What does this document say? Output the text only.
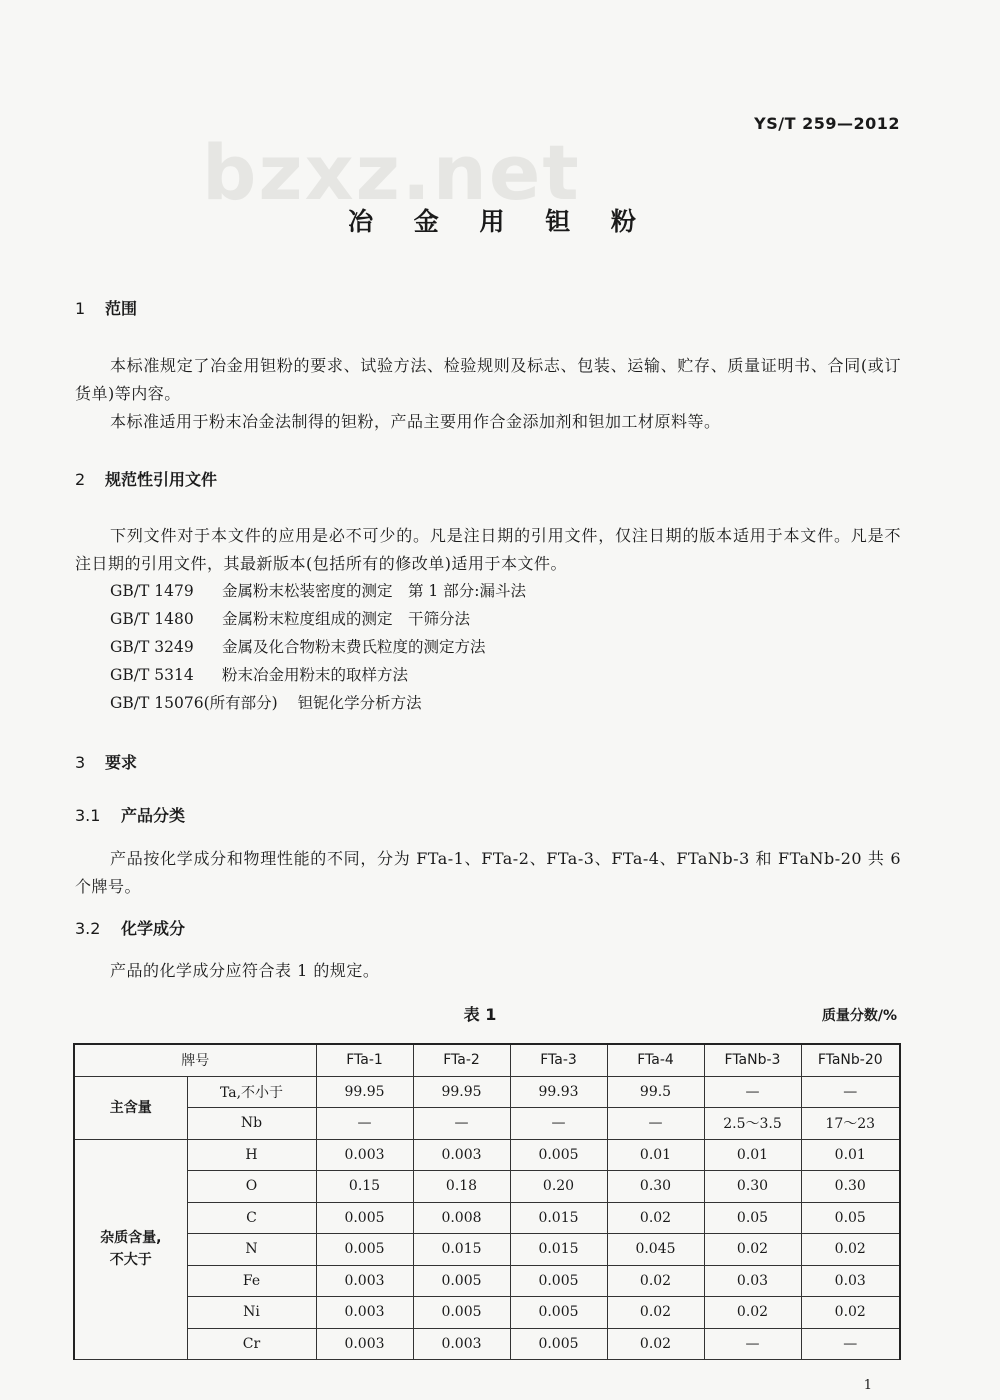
bzxz.net
YS/T 259—2012
冶 金 用 钽 粉
1 范围
本标准规定了冶金用钽粉的要求、试验方法、检验规则及标志、包装、运输、贮存、质量证明书、合同(或订货单)等内容。
本标准适用于粉末冶金法制得的钽粉，产品主要用作合金添加剂和钽加工材原料等。
2 规范性引用文件
下列文件对于本文件的应用是必不可少的。凡是注日期的引用文件，仅注日期的版本适用于本文件。凡是不注日期的引用文件，其最新版本(包括所有的修改单)适用于本文件。
GB/T 1479 金属粉末松装密度的测定　第 1 部分:漏斗法
GB/T 1480 金属粉末粒度组成的测定　干筛分法
GB/T 3249 金属及化合物粉末费氏粒度的测定方法
GB/T 5314 粉末冶金用粉末的取样方法
GB/T 15076(所有部分) 钽铌化学分析方法
3 要求
3.1 产品分类
产品按化学成分和物理性能的不同，分为 FTa-1、FTa-2、FTa-3、FTa-4、FTaNb-3 和 FTaNb-20 共 6 个牌号。
3.2 化学成分
产品的化学成分应符合表 1 的规定。
表 1	质量分数/%
牌号		FTa-1	FTa-2	FTa-3	FTa-4	FTaNb-3	FTaNb-20
主含量	Ta,不小于	99.95	99.95	99.93	99.5	—	—
	Nb	—	—	—	—	2.5～3.5	17～23

杂质含量,
不大于	H	0.003	0.003	0.005	0.01	0.01	0.01
	O	0.15	0.18	0.20	0.30	0.30	0.30
	C	0.005	0.008	0.015	0.02	0.05	0.05
	N	0.005	0.015	0.015	0.045	0.02	0.02
	Fe	0.003	0.005	0.005	0.02	0.03	0.03
	Ni	0.003	0.005	0.005	0.02	0.02	0.02
	Cr	0.003	0.003	0.005	0.02	—	—
1
